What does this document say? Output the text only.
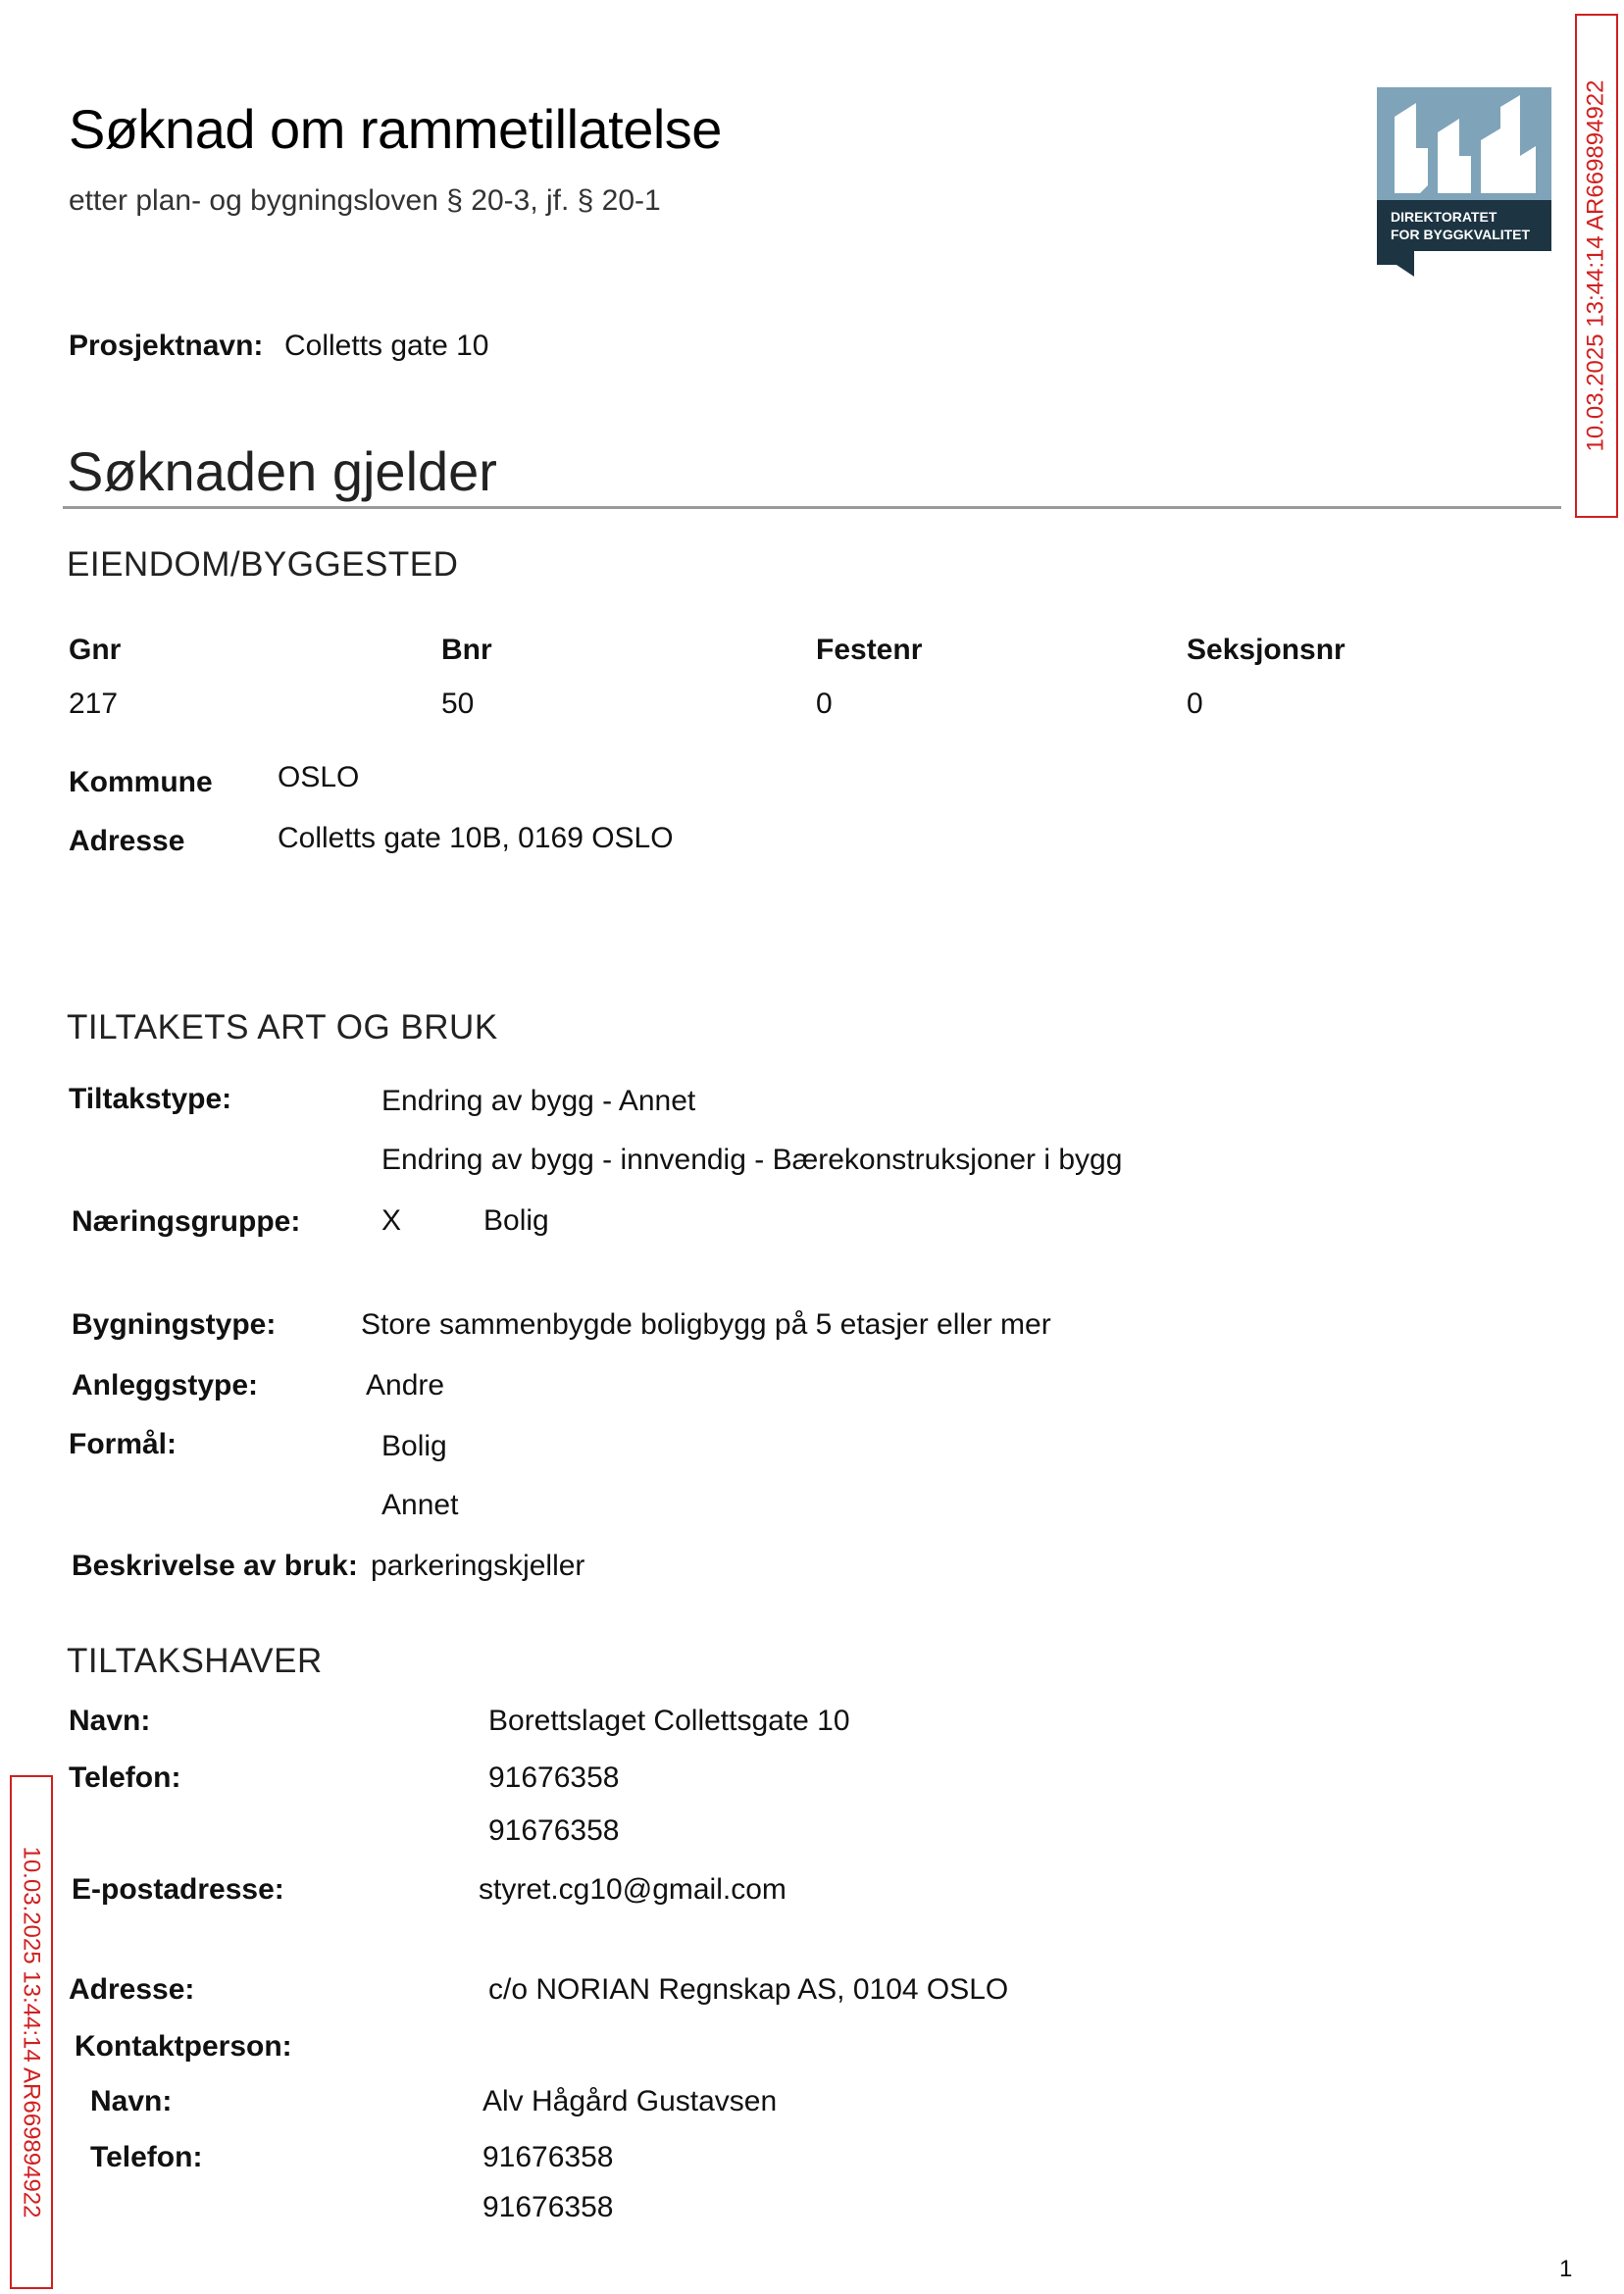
Søknad om rammetillatelse
etter plan- og bygningsloven § 20-3, jf. § 20-1	DIREKTORATET
FOR BYGGKVALITET
Prosjektnavn: Colletts gate 10
Søknaden gjelder
EIENDOM/BYGGESTED
Gnr	Bnr	Festenr	Seksjonsnr
217	50	0	0
Kommune OSLO
Adresse	Colletts gate 10B, 0169 OSLO
TILTAKETS ART OG BRUK
Tiltakstype:	Endring av bygg - Annet
Endring av bygg - innvendig - Bærekonstruksjoner i bygg
Næringsgruppe:	X	Bolig
Bygningstype:	Store sammenbygde boligbygg på 5 etasjer eller mer
Anleggstype:	Andre
Formål:	Bolig
Annet
Beskrivelse av bruk: parkeringskjeller
TILTAKSHAVER
Navn:	Borettslaget Collettsgate 10
Telefon:	91676358
91676358
E-postadresse:	styret.cg10@gmail.com
Adresse:	c/o NORIAN Regnskap AS, 0104 OSLO
Kontaktperson:
Navn:	Alv Hågård Gustavsen
Telefon:	91676358
91676358
10.03.2025 13:44:14 AR669894922
10.03.2025 13:44:14 AR669894922
1
